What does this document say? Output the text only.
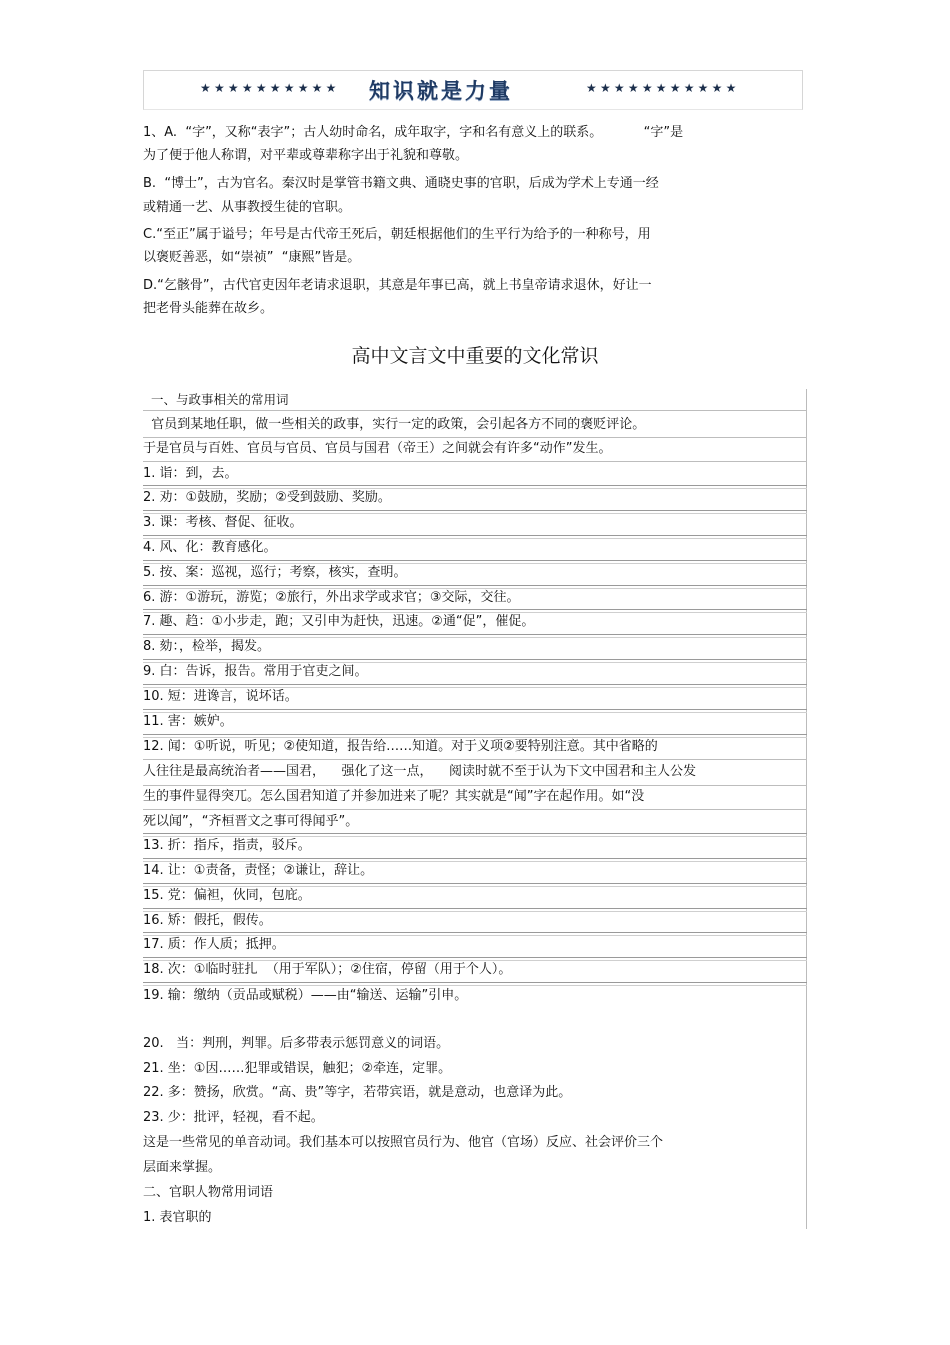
★★★★★★★★★★ 知识就是力量	★★★★★★★★★★★
1、A.  “字”，又称“表字”；古人幼时命名，成年取字，字和名有意义上的联系。          “字”是
为了便于他人称谓，对平辈或尊辈称字出于礼貌和尊敬。
B.  “博士”，古为官名。秦汉时是掌管书籍文典、通晓史事的官职，后成为学术上专通一经
或精通一艺、从事教授生徒的官职。
C.“至正”属于谥号；年号是古代帝王死后，朝廷根据他们的生平行为给予的一种称号，用
以褒贬善恶，如“崇祯”  “康熙”皆是。
D.“乞骸骨”，古代官吏因年老请求退职，其意是年事已高，就上书皇帝请求退休，好让一
把老骨头能葬在故乡。
高中文言文中重要的文化常识
一、与政事相关的常用词
官员到某地任职，做一些相关的政事，实行一定的政策，会引起各方不同的褒贬评论。
于是官员与百姓、官员与官员、官员与国君（帝王）之间就会有许多“动作”发生。
1. 诣：到，去。
2. 劝：①鼓励，奖励；②受到鼓励、奖励。
3. 课：考核、督促、征收。
4. 风、化：教育感化。
5. 按、案：巡视，巡行；考察，核实，查明。
6. 游：①游玩，游览；②旅行，外出求学或求官；③交际，交往。
7. 趣、趋：①小步走，跑；又引申为赶快，迅速。②通“促”，催促。
8. 劾：，检举，揭发。
9. 白：告诉，报告。常用于官吏之间。
10. 短：进谗言，说坏话。
11. 害：嫉妒。
12. 闻：①听说，听见；②使知道，报告给……知道。对于义项②要特别注意。其中省略的
人往往是最高统治者——国君，    强化了这一点，    阅读时就不至于认为下文中国君和主人公发
生的事件显得突兀。怎么国君知道了并参加进来了呢？其实就是“闻”字在起作用。如“没
死以闻”，“齐桓晋文之事可得闻乎”。
13. 折：指斥，指责，驳斥。
14. 让：①责备，责怪；②谦让，辞让。
15. 党：偏袒，伙同，包庇。
16. 矫：假托，假传。
17. 质：作人质；抵押。
18. 次：①临时驻扎  （用于军队）；②住宿，停留（用于个人）。
19. 输：缴纳（贡品或赋税）——由“输送、运输”引申。
20.   当：判刑，判罪。后多带表示惩罚意义的词语。
21. 坐：①因……犯罪或错误，触犯；②牵连，定罪。
22. 多：赞扬，欣赏。“高、贵”等字，若带宾语，就是意动，也意译为此。
23. 少：批评，轻视，看不起。
这是一些常见的单音动词。我们基本可以按照官员行为、他官（官场）反应、社会评价三个
层面来掌握。
二、官职人物常用词语
1. 表官职的
